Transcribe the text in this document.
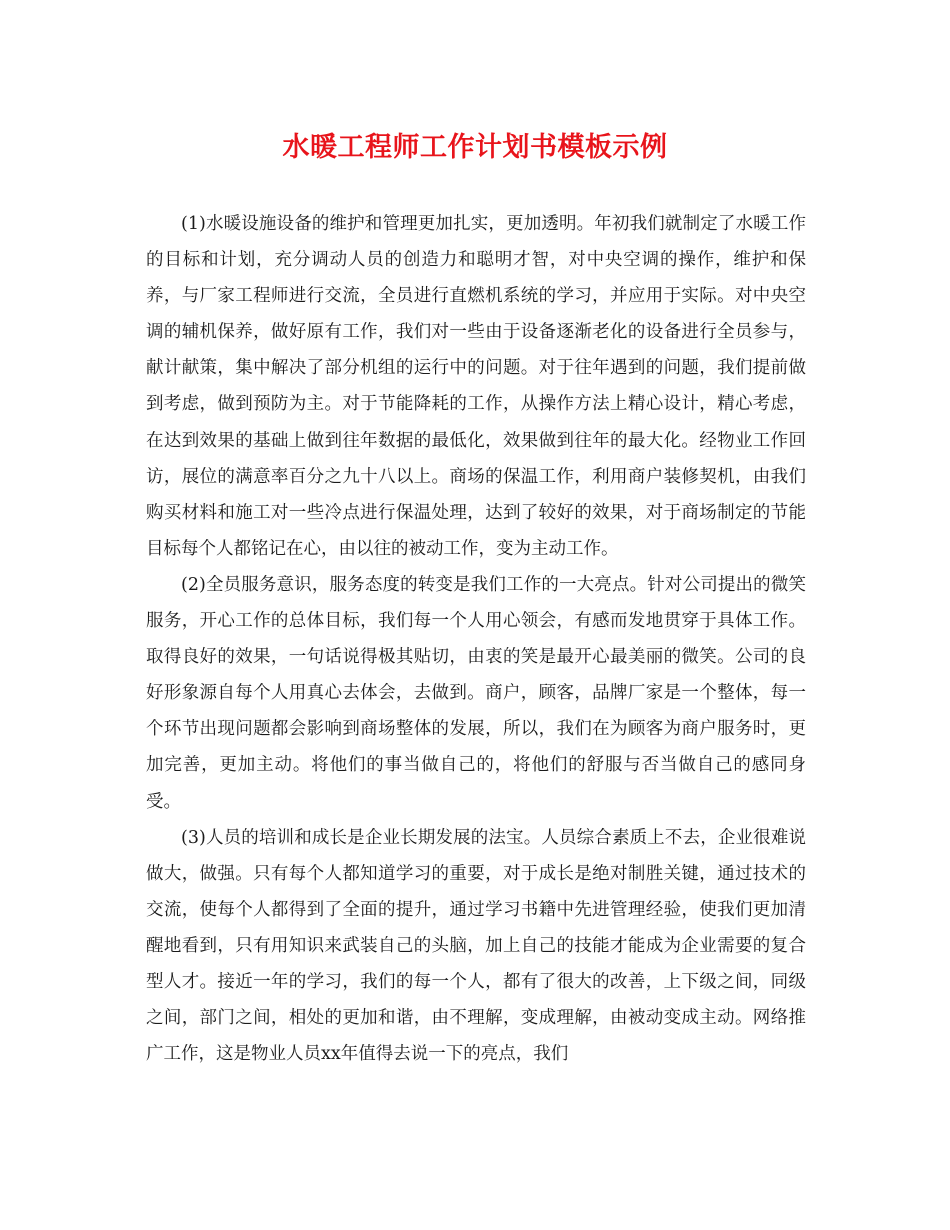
水暖工程师工作计划书模板示例

(1)水暖设施设备的维护和管理更加扎实，更加透明。年初我们就制定了水暖工作的目标和计划，充分调动人员的创造力和聪明才智，对中央空调的操作，维护和保养，与厂家工程师进行交流，全员进行直燃机系统的学习，并应用于实际。对中央空调的辅机保养，做好原有工作，我们对一些由于设备逐渐老化的设备进行全员参与，献计献策，集中解决了部分机组的运行中的问题。对于往年遇到的问题，我们提前做到考虑，做到预防为主。对于节能降耗的工作，从操作方法上精心设计，精心考虑，在达到效果的基础上做到往年数据的最低化，效果做到往年的最大化。经物业工作回访，展位的满意率百分之九十八以上。商场的保温工作，利用商户装修契机，由我们购买材料和施工对一些冷点进行保温处理，达到了较好的效果，对于商场制定的节能目标每个人都铭记在心，由以往的被动工作，变为主动工作。

(2)全员服务意识，服务态度的转变是我们工作的一大亮点。针对公司提出的微笑服务，开心工作的总体目标，我们每一个人用心领会，有感而发地贯穿于具体工作。取得良好的效果，一句话说得极其贴切，由衷的笑是最开心最美丽的微笑。公司的良好形象源自每个人用真心去体会，去做到。商户，顾客，品牌厂家是一个整体，每一个环节出现问题都会影响到商场整体的发展，所以，我们在为顾客为商户服务时，更加完善，更加主动。将他们的事当做自己的，将他们的舒服与否当做自己的感同身受。

(3)人员的培训和成长是企业长期发展的法宝。人员综合素质上不去，企业很难说做大，做强。只有每个人都知道学习的重要，对于成长是绝对制胜关键，通过技术的交流，使每个人都得到了全面的提升，通过学习书籍中先进管理经验，使我们更加清醒地看到，只有用知识来武装自己的头脑，加上自己的技能才能成为企业需要的复合型人才。接近一年的学习，我们的每一个人，都有了很大的改善，上下级之间，同级之间，部门之间，相处的更加和谐，由不理解，变成理解，由被动变成主动。网络推广工作，这是物业人员xx年值得去说一下的亮点，我们
